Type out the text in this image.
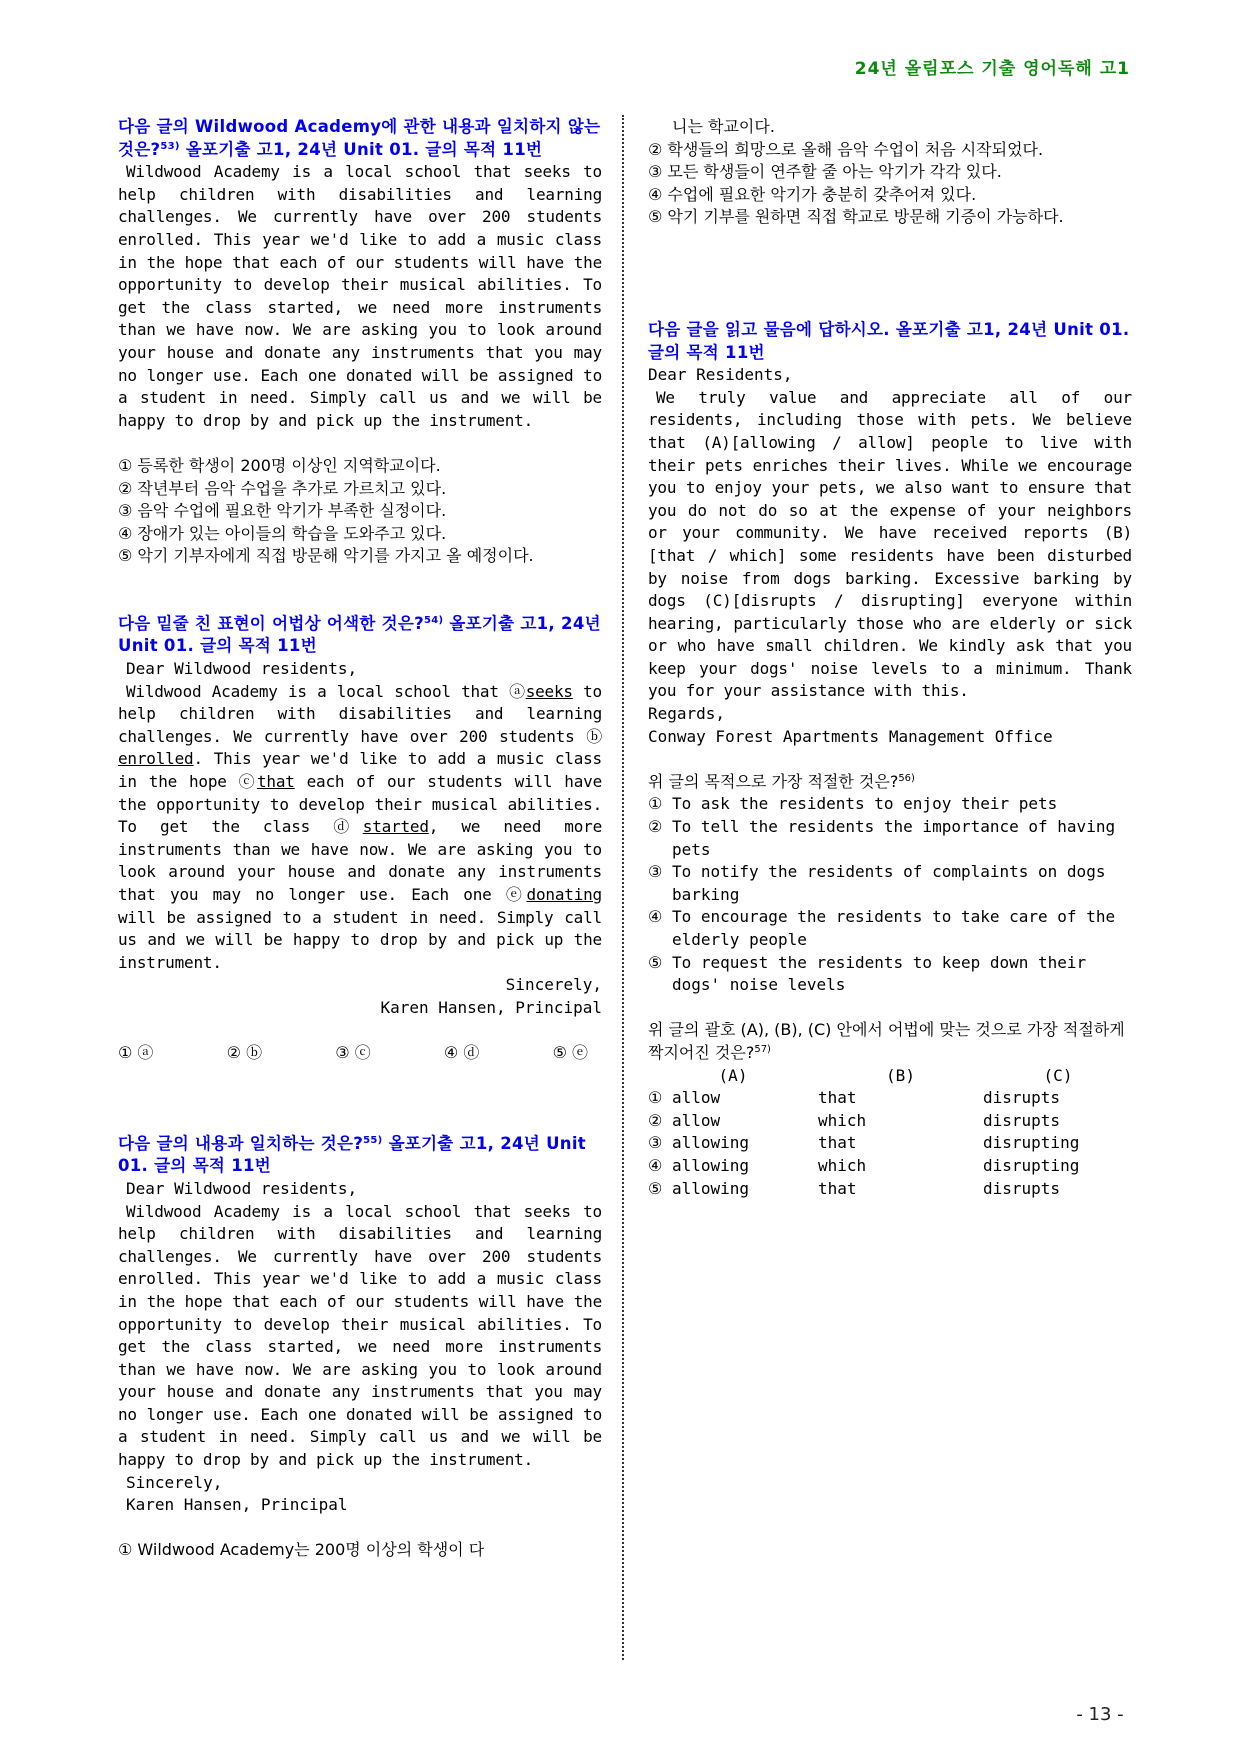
24년 올림포스 기출 영어독해 고1
다음 글의 Wildwood Academy에 관한 내용과 일치하지 않는 것은?$^{53)}$ 올포기출 고1, 24년 Unit 01. 글의 목적 11번
Wildwood Academy is a local school that seeks to help children with disabilities and learning challenges. We currently have over 200 students enrolled. This year we'd like to add a music class in the hope that each of our students will have the opportunity to develop their musical abilities. To get the class started, we need more instruments than we have now. We are asking you to look around your house and donate any instruments that you may no longer use. Each one donated will be assigned to a student in need. Simply call us and we will be happy to drop by and pick up the instrument.
① 등록한 학생이 200명 이상인 지역학교이다.
② 작년부터 음악 수업을 추가로 가르치고 있다.
③ 음악 수업에 필요한 악기가 부족한 실정이다.
④ 장애가 있는 아이들의 학습을 도와주고 있다.
⑤ 악기 기부자에게 직접 방문해 악기를 가지고 올 예정이다.
다음 밑줄 친 표현이 어법상 어색한 것은?$^{54)}$ 올포기출 고1, 24년 Unit 01. 글의 목적 11번
Dear Wildwood residents,
Wildwood Academy is a local school that ⓐseeks to help children with disabilities and learning challenges. We currently have over 200 students ⓑ enrolled. This year we'd like to add a music class in the hope ⓒthat each of our students will have the opportunity to develop their musical abilities. To get the class ⓓstarted, we need more instruments than we have now. We are asking you to look around your house and donate any instruments that you may no longer use. Each one ⓔdonating will be assigned to a student in need. Simply call us and we will be happy to drop by and pick up the instrument.
Sincerely,
Karen Hansen, Principal
① ⓐ	② ⓑ	③ ⓒ	④ ⓓ	⑤ ⓔ
다음 글의 내용과 일치하는 것은?$^{55)}$ 올포기출 고1, 24년 Unit 01. 글의 목적 11번
Dear Wildwood residents,
Wildwood Academy is a local school that seeks to help children with disabilities and learning challenges. We currently have over 200 students enrolled. This year we'd like to add a music class in the hope that each of our students will have the opportunity to develop their musical abilities. To get the class started, we need more instruments than we have now. We are asking you to look around your house and donate any instruments that you may no longer use. Each one donated will be assigned to a student in need. Simply call us and we will be happy to drop by and pick up the instrument.
Sincerely,
Karen Hansen, Principal
① Wildwood Academy는 200명 이상의 학생이 다
니는 학교이다.
② 학생들의 희망으로 올해 음악 수업이 처음 시작되었다.
③ 모든 학생들이 연주할 줄 아는 악기가 각각 있다.
④ 수업에 필요한 악기가 충분히 갖추어져 있다.
⑤ 악기 기부를 원하면 직접 학교로 방문해 기증이 가능하다.
다음 글을 읽고 물음에 답하시오. 올포기출 고1, 24년 Unit 01. 글의 목적 11번
Dear Residents,
We truly value and appreciate all of our residents, including those with pets. We believe that (A)[allowing / allow] people to live with their pets enriches their lives. While we encourage you to enjoy your pets, we also want to ensure that you do not do so at the expense of your neighbors or your community. We have received reports (B)[that / which] some residents have been disturbed by noise from dogs barking. Excessive barking by dogs (C)[disrupts / disrupting] everyone within hearing, particularly those who are elderly or sick or who have small children. We kindly ask that you keep your dogs' noise levels to a minimum. Thank you for your assistance with this.
Regards,
Conway Forest Apartments Management Office
위 글의 목적으로 가장 적절한 것은?$^{56)}$
① To ask the residents to enjoy their pets
② To tell the residents the importance of having pets
③ To notify the residents of complaints on dogs barking
④ To encourage the residents to take care of the elderly people
⑤ To request the residents to keep down their dogs' noise levels
위 글의 괄호 (A), (B), (C) 안에서 어법에 맞는 것으로 가장 적절하게 짝지어진 것은?$^{57)}$
(A)	(B)	(C)
① allow	that	disrupts
② allow	which	disrupts
③ allowing	that	disrupting
④ allowing	which	disrupting
⑤ allowing	that	disrupts
- 13 -
